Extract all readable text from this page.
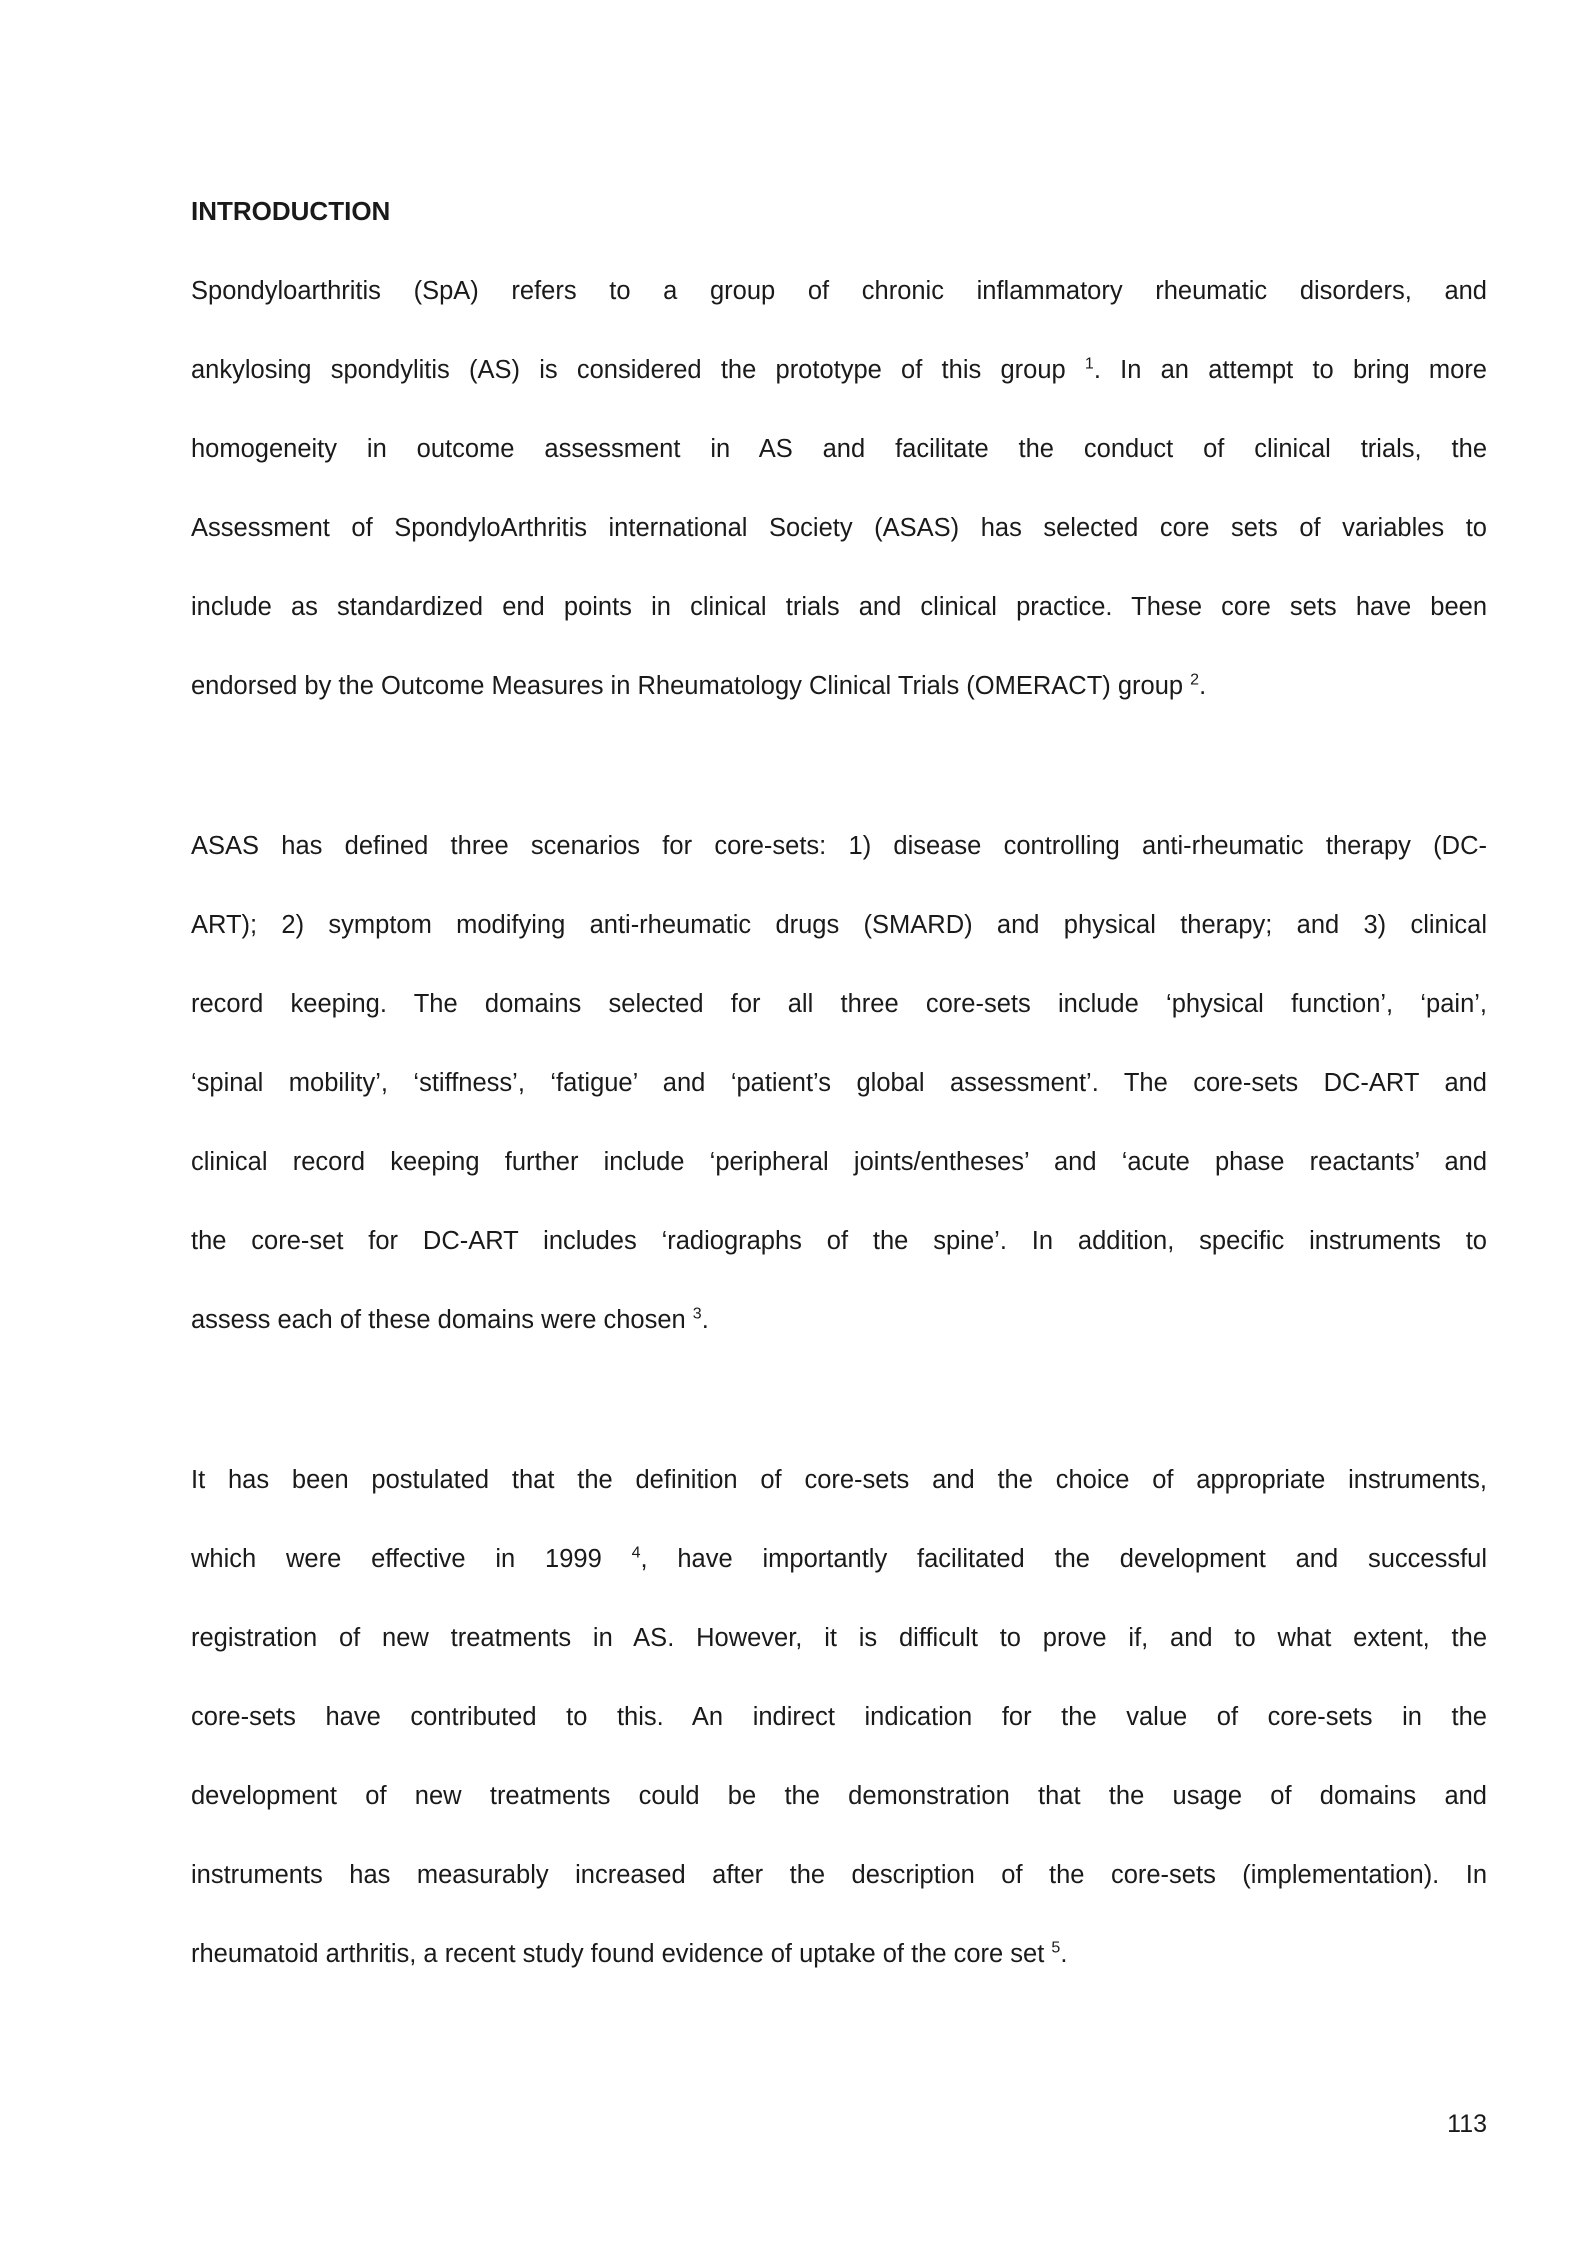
INTRODUCTION
Spondyloarthritis (SpA) refers to a group of chronic inflammatory rheumatic disorders, and
ankylosing spondylitis (AS) is considered the prototype of this group $^1$. In an attempt to bring more
homogeneity in outcome assessment in AS and facilitate the conduct of clinical trials, the
Assessment of SpondyloArthritis international Society (ASAS) has selected core sets of variables to
include as standardized end points in clinical trials and clinical practice. These core sets have been
endorsed by the Outcome Measures in Rheumatology Clinical Trials (OMERACT) group $^2$.
ASAS has defined three scenarios for core-sets: 1) disease controlling anti-rheumatic therapy (DC-
ART); 2) symptom modifying anti-rheumatic drugs (SMARD) and physical therapy; and 3) clinical
record keeping. The domains selected for all three core-sets include ‘physical function’, ‘pain’,
‘spinal mobility’, ‘stiffness’, ‘fatigue’ and ‘patient’s global assessment’. The core-sets DC-ART and
clinical record keeping further include ‘peripheral joints/entheses’ and ‘acute phase reactants’ and
the core-set for DC-ART includes ‘radiographs of the spine’. In addition, specific instruments to
assess each of these domains were chosen $^3$.
It has been postulated that the definition of core-sets and the choice of appropriate instruments,
which were effective in 1999 $^4$, have importantly facilitated the development and successful
registration of new treatments in AS. However, it is difficult to prove if, and to what extent, the
core-sets have contributed to this. An indirect indication for the value of core-sets in the
development of new treatments could be the demonstration that the usage of domains and
instruments has measurably increased after the description of the core-sets (implementation). In
rheumatoid arthritis, a recent study found evidence of uptake of the core set $^5$.
113
